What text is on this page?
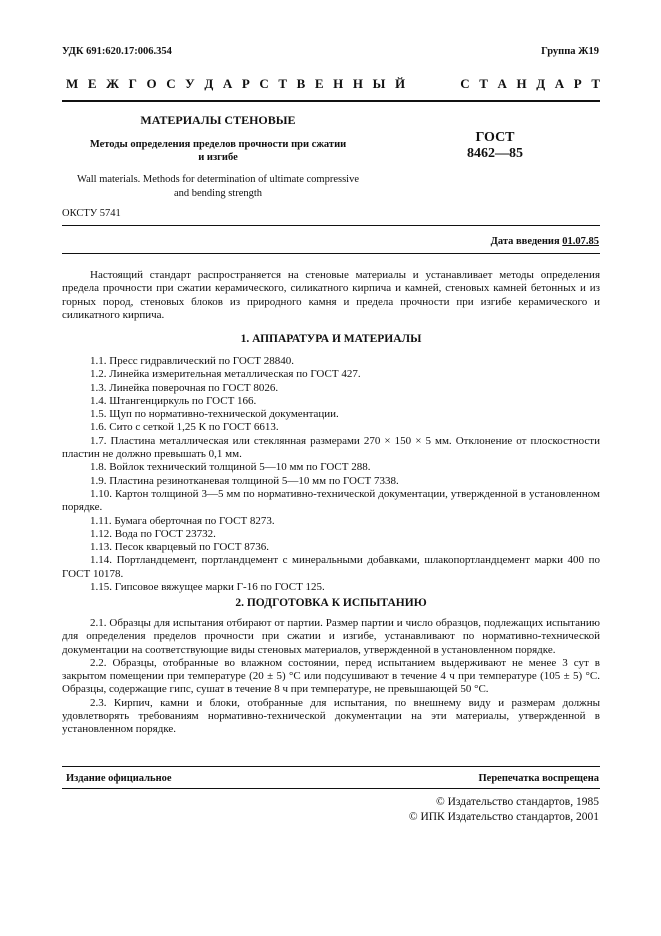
УДК 691:620.17:006.354	Группа Ж19
М Е Ж Г О С У Д А Р С Т В Е Н Н Ы Й	С Т А Н Д А Р Т
МАТЕРИАЛЫ СТЕНОВЫЕ
Методы определения пределов прочности при сжатии
и изгибе
ГОСТ
8462—85
Wall materials. Methods for determination of ultimate compressive
and bending strength
ОКСТУ 5741
Дата введения 01.07.85
Настоящий стандарт распространяется на стеновые материалы и устанавливает методы определения предела прочности при сжатии керамического, силикатного кирпича и камней, стеновых камней бетонных и из горных пород, стеновых блоков из природного камня и предела прочности при изгибе керамического и силикатного кирпича.
1. АППАРАТУРА И МАТЕРИАЛЫ
1.1. Пресс гидравлический по ГОСТ 28840.
1.2. Линейка измерительная металлическая по ГОСТ 427.
1.3. Линейка поверочная по ГОСТ 8026.
1.4. Штангенциркуль по ГОСТ 166.
1.5. Щуп по нормативно-технической документации.
1.6. Сито с сеткой 1,25 К по ГОСТ 6613.
1.7. Пластина металлическая или стеклянная размерами 270 × 150 × 5 мм. Отклонение от плоскостности пластин не должно превышать 0,1 мм.
1.8. Войлок технический толщиной 5—10 мм по ГОСТ 288.
1.9. Пластина резинотканевая толщиной 5—10 мм по ГОСТ 7338.
1.10. Картон толщиной 3—5 мм по нормативно-технической документации, утвержденной в установленном порядке.
1.11. Бумага оберточная по ГОСТ 8273.
1.12. Вода по ГОСТ 23732.
1.13. Песок кварцевый по ГОСТ 8736.
1.14. Портландцемент, портландцемент с минеральными добавками, шлакопортландцемент марки 400 по ГОСТ 10178.
1.15. Гипсовое вяжущее марки Г-16 по ГОСТ 125.
2. ПОДГОТОВКА К ИСПЫТАНИЮ
2.1. Образцы для испытания отбирают от партии. Размер партии и число образцов, подлежащих испытанию для определения пределов прочности при сжатии и изгибе, устанавливают по нормативно-технической документации на соответствующие виды стеновых материалов, утвержденной в установленном порядке.
2.2. Образцы, отобранные во влажном состоянии, перед испытанием выдерживают не менее 3 сут в закрытом помещении при температуре (20 ± 5) °С или подсушивают в течение 4 ч при температуре (105 ± 5) °С. Образцы, содержащие гипс, сушат в течение 8 ч при температуре, не превышающей 50 °С.
2.3. Кирпич, камни и блоки, отобранные для испытания, по внешнему виду и размерам должны удовлетворять требованиям нормативно-технической документации на эти материалы, утвержденной в установленном порядке.
Издание официальное	Перепечатка воспрещена
© Издательство стандартов, 1985
© ИПК Издательство стандартов, 2001
